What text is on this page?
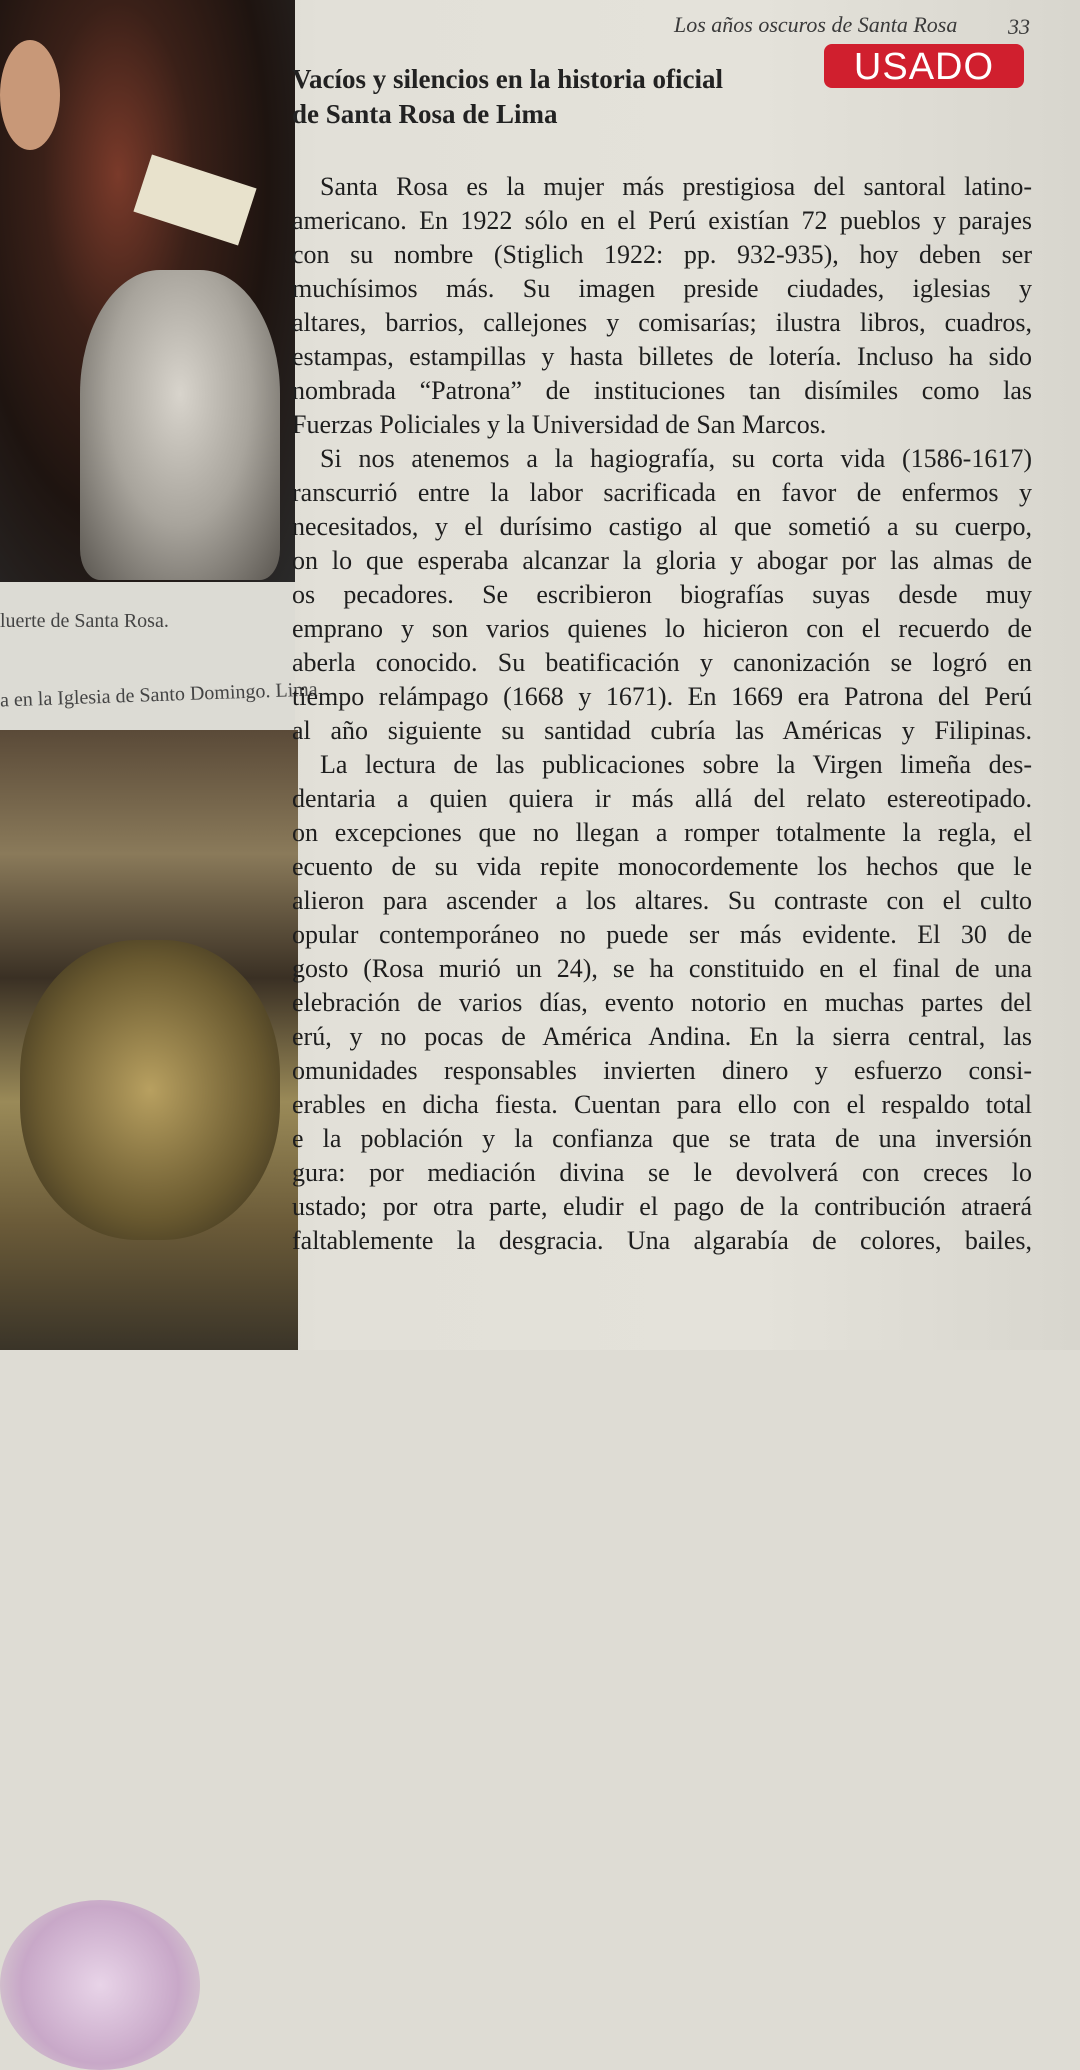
luerte de Santa Rosa.
a en la Iglesia de Santo Domingo. Lima
Los años oscuros de Santa Rosa 33
USADO
Vacíos y silencios en la historia oficial
de Santa Rosa de Lima
Santa Rosa es la mujer más prestigiosa del santoral latino-
americano. En 1922 sólo en el Perú existían 72 pueblos y parajes
con su nombre (Stiglich 1922: pp. 932-935), hoy deben ser
muchísimos más. Su imagen preside ciudades, iglesias y
altares, barrios, callejones y comisarías; ilustra libros, cuadros,
estampas, estampillas y hasta billetes de lotería. Incluso ha sido
nombrada “Patrona” de instituciones tan disímiles como las
Fuerzas Policiales y la Universidad de San Marcos.
Si nos atenemos a la hagiografía, su corta vida (1586-1617)
ranscurrió entre la labor sacrificada en favor de enfermos y
necesitados, y el durísimo castigo al que sometió a su cuerpo,
on lo que esperaba alcanzar la gloria y abogar por las almas de
os pecadores. Se escribieron biografías suyas desde muy
emprano y son varios quienes lo hicieron con el recuerdo de
aberla conocido. Su beatificación y canonización se logró en
tiempo relámpago (1668 y 1671). En 1669 era Patrona del Perú
al año siguiente su santidad cubría las Américas y Filipinas.
La lectura de las publicaciones sobre la Virgen limeña des-
dentaria a quien quiera ir más allá del relato estereotipado.
on excepciones que no llegan a romper totalmente la regla, el
ecuento de su vida repite monocordemente los hechos que le
alieron para ascender a los altares. Su contraste con el culto
opular contemporáneo no puede ser más evidente. El 30 de
gosto (Rosa murió un 24), se ha constituido en el final de una
elebración de varios días, evento notorio en muchas partes del
erú, y no pocas de América Andina. En la sierra central, las
omunidades responsables invierten dinero y esfuerzo consi-
erables en dicha fiesta. Cuentan para ello con el respaldo total
e la población y la confianza que se trata de una inversión
gura: por mediación divina se le devolverá con creces lo
ustado; por otra parte, eludir el pago de la contribución atraerá
faltablemente la desgracia. Una algarabía de colores, bailes,
